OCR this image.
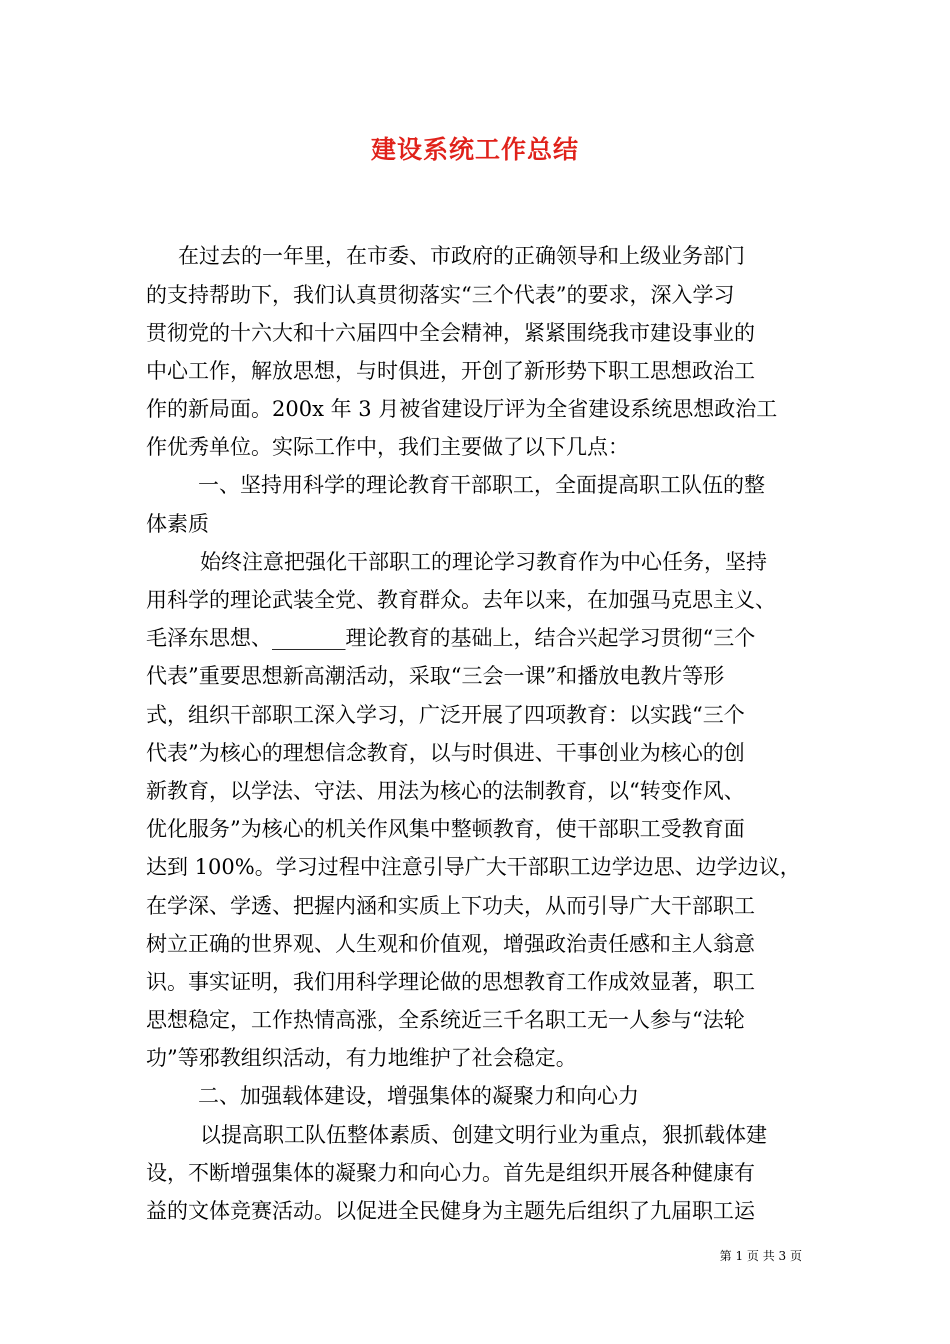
建设系统工作总结
在过去的一年里，在市委、市政府的正确领导和上级业务部门
的支持帮助下，我们认真贯彻落实“三个代表”的要求，深入学习
贯彻党的十六大和十六届四中全会精神，紧紧围绕我市建设事业的
中心工作，解放思想，与时俱进，开创了新形势下职工思想政治工
作的新局面。200x 年 3 月被省建设厅评为全省建设系统思想政治工
作优秀单位。实际工作中，我们主要做了以下几点：
一、坚持用科学的理论教育干部职工，全面提高职工队伍的整
体素质
始终注意把强化干部职工的理论学习教育作为中心任务，坚持
用科学的理论武装全党、教育群众。去年以来，在加强马克思主义、
毛泽东思想、_______理论教育的基础上，结合兴起学习贯彻“三个
代表”重要思想新高潮活动，采取“三会一课”和播放电教片等形
式，组织干部职工深入学习，广泛开展了四项教育：以实践“三个
代表”为核心的理想信念教育，以与时俱进、干事创业为核心的创
新教育，以学法、守法、用法为核心的法制教育，以“转变作风、
优化服务”为核心的机关作风集中整顿教育，使干部职工受教育面
达到 100%。学习过程中注意引导广大干部职工边学边思、边学边议，
在学深、学透、把握内涵和实质上下功夫，从而引导广大干部职工
树立正确的世界观、人生观和价值观，增强政治责任感和主人翁意
识。事实证明，我们用科学理论做的思想教育工作成效显著，职工
思想稳定，工作热情高涨，全系统近三千名职工无一人参与“法轮
功”等邪教组织活动，有力地维护了社会稳定。
二、加强载体建设，增强集体的凝聚力和向心力
以提高职工队伍整体素质、创建文明行业为重点，狠抓载体建
设，不断增强集体的凝聚力和向心力。首先是组织开展各种健康有
益的文体竞赛活动。以促进全民健身为主题先后组织了九届职工运
第 1 页 共 3 页
